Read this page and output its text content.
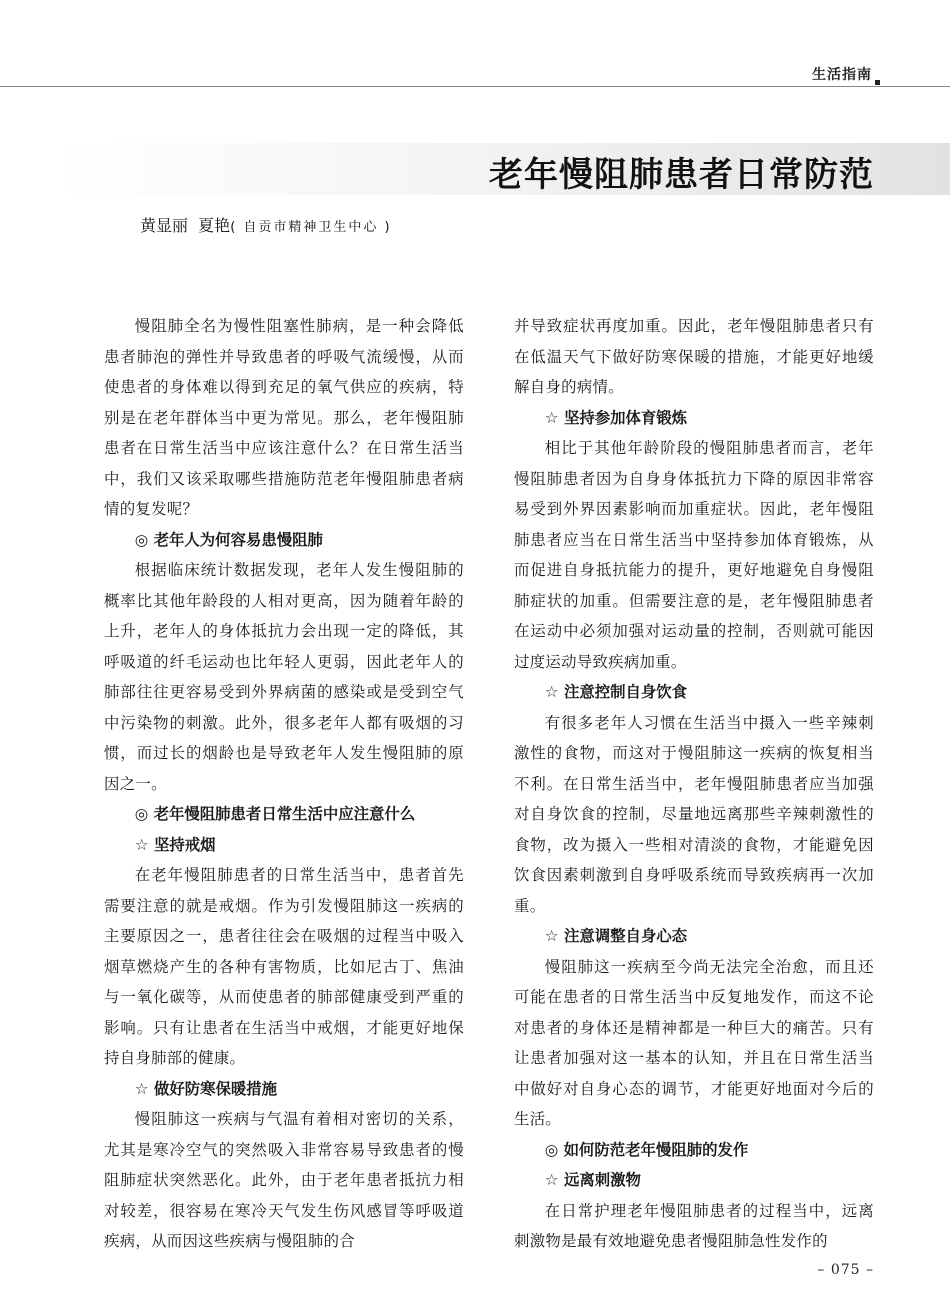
生活指南
老年慢阻肺患者日常防范
黄显丽  夏艳( 自贡市精神卫生中心 )

慢阻肺全名为慢性阻塞性肺病，是一种会降低患者肺泡的弹性并导致患者的呼吸气流缓慢，从而使患者的身体难以得到充足的氧气供应的疾病，特别是在老年群体当中更为常见。那么，老年慢阻肺患者在日常生活当中应该注意什么？在日常生活当中，我们又该采取哪些措施防范老年慢阻肺患者病情的复发呢？

◎ 老年人为何容易患慢阻肺

根据临床统计数据发现，老年人发生慢阻肺的概率比其他年龄段的人相对更高，因为随着年龄的上升，老年人的身体抵抗力会出现一定的降低，其呼吸道的纤毛运动也比年轻人更弱，因此老年人的肺部往往更容易受到外界病菌的感染或是受到空气中污染物的刺激。此外，很多老年人都有吸烟的习惯，而过长的烟龄也是导致老年人发生慢阻肺的原因之一。

◎ 老年慢阻肺患者日常生活中应注意什么
☆ 坚持戒烟

在老年慢阻肺患者的日常生活当中，患者首先需要注意的就是戒烟。作为引发慢阻肺这一疾病的主要原因之一，患者往往会在吸烟的过程当中吸入烟草燃烧产生的各种有害物质，比如尼古丁、焦油与一氧化碳等，从而使患者的肺部健康受到严重的影响。只有让患者在生活当中戒烟，才能更好地保持自身肺部的健康。

☆ 做好防寒保暖措施

慢阻肺这一疾病与气温有着相对密切的关系，尤其是寒冷空气的突然吸入非常容易导致患者的慢阻肺症状突然恶化。此外，由于老年患者抵抗力相对较差，很容易在寒冷天气发生伤风感冒等呼吸道疾病，从而因这些疾病与慢阻肺的合

并导致症状再度加重。因此，老年慢阻肺患者只有在低温天气下做好防寒保暖的措施，才能更好地缓解自身的病情。

☆ 坚持参加体育锻炼

相比于其他年龄阶段的慢阻肺患者而言，老年慢阻肺患者因为自身身体抵抗力下降的原因非常容易受到外界因素影响而加重症状。因此，老年慢阻肺患者应当在日常生活当中坚持参加体育锻炼，从而促进自身抵抗能力的提升，更好地避免自身慢阻肺症状的加重。但需要注意的是，老年慢阻肺患者在运动中必须加强对运动量的控制，否则就可能因过度运动导致疾病加重。

☆ 注意控制自身饮食

有很多老年人习惯在生活当中摄入一些辛辣刺激性的食物，而这对于慢阻肺这一疾病的恢复相当不利。在日常生活当中，老年慢阻肺患者应当加强对自身饮食的控制，尽量地远离那些辛辣刺激性的食物，改为摄入一些相对清淡的食物，才能避免因饮食因素刺激到自身呼吸系统而导致疾病再一次加重。

☆ 注意调整自身心态

慢阻肺这一疾病至今尚无法完全治愈，而且还可能在患者的日常生活当中反复地发作，而这不论对患者的身体还是精神都是一种巨大的痛苦。只有让患者加强对这一基本的认知，并且在日常生活当中做好对自身心态的调节，才能更好地面对今后的生活。

◎ 如何防范老年慢阻肺的发作
☆ 远离刺激物

在日常护理老年慢阻肺患者的过程当中，远离刺激物是最有效地避免患者慢阻肺急性发作的

– 075 –
